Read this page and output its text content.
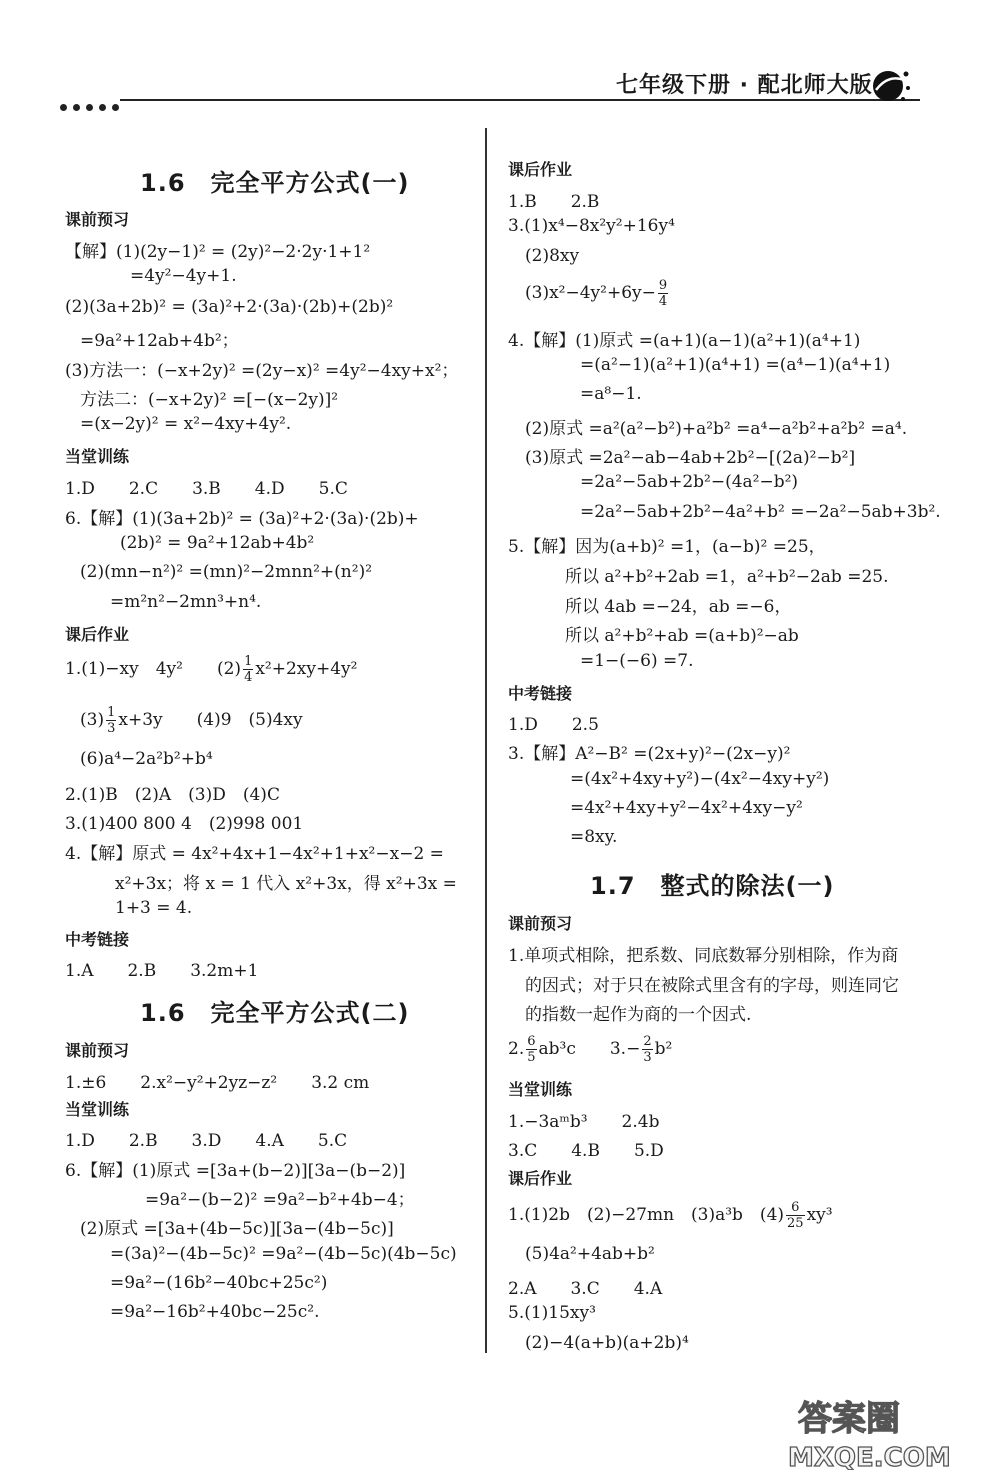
七年级下册 · 配北师大版
1.6　完全平方公式(一)
课前预习
【解】(1)(2y−1)² = (2y)²−2·2y·1+1²
=4y²−4y+1.
(2)(3a+2b)² = (3a)²+2·(3a)·(2b)+(2b)²
=9a²+12ab+4b²；
(3)方法一：(−x+2y)² =(2y−x)² =4y²−4xy+x²；
方法二：(−x+2y)² =[−(x−2y)]²
=(x−2y)² = x²−4xy+4y².
当堂训练
1.D　　2.C　　3.B　　4.D　　5.C
6.【解】(1)(3a+2b)² = (3a)²+2·(3a)·(2b)+
(2b)² = 9a²+12ab+4b²
(2)(mn−n²)² =(mn)²−2mnn²+(n²)²
=m²n²−2mn³+n⁴.
课后作业
1.(1)−xy　4y²　　$(2) \frac{1}{4} x^2+2xy+4y^2$
$(3) \frac{1}{3} x+3y$　　(4)9　(5)4xy
(6)a⁴−2a²b²+b⁴
2.(1)B　(2)A　(3)D　(4)C
3.(1)400 800 4　(2)998 001
4.【解】原式 = 4x²+4x+1−4x²+1+x²−x−2 =
x²+3x；将 x = 1 代入 x²+3x，得 x²+3x =
1+3 = 4.
中考链接
1.A　　2.B　　3.2m+1
1.6　完全平方公式(二)
课前预习
1.±6　　2.x²−y²+2yz−z²　　3.2 cm
当堂训练
1.D　　2.B　　3.D　　4.A　　5.C
6.【解】(1)原式 =[3a+(b−2)][3a−(b−2)]
=9a²−(b−2)² =9a²−b²+4b−4；
(2)原式 =[3a+(4b−5c)][3a−(4b−5c)]
=(3a)²−(4b−5c)² =9a²−(4b−5c)(4b−5c)
=9a²−(16b²−40bc+25c²)
=9a²−16b²+40bc−25c².
课后作业
1.B　　2.B
3.(1)x⁴−8x²y²+16y⁴
(2)8xy
$(3)x^2-4y^2+6y- \frac{9}{4}$
4.【解】(1)原式 =(a+1)(a−1)(a²+1)(a⁴+1)
=(a²−1)(a²+1)(a⁴+1) =(a⁴−1)(a⁴+1)
=a⁸−1.
(2)原式 =a²(a²−b²)+a²b² =a⁴−a²b²+a²b² =a⁴.
(3)原式 =2a²−ab−4ab+2b²−[(2a)²−b²]
=2a²−5ab+2b²−(4a²−b²)
=2a²−5ab+2b²−4a²+b² =−2a²−5ab+3b².
5.【解】因为(a+b)² =1，(a−b)² =25，
所以 a²+b²+2ab =1，a²+b²−2ab =25.
所以 4ab =−24，ab =−6，
所以 a²+b²+ab =(a+b)²−ab
=1−(−6) =7.
中考链接
1.D　　2.5
3.【解】A²−B² =(2x+y)²−(2x−y)²
=(4x²+4xy+y²)−(4x²−4xy+y²)
=4x²+4xy+y²−4x²+4xy−y²
=8xy.
1.7　整式的除法(一)
课前预习
1.单项式相除，把系数、同底数幂分别相除，作为商
的因式；对于只在被除式里含有的字母，则连同它
的指数一起作为商的一个因式.
2. $\frac{6}{5} ab^3c$　　$3.- \frac{2}{3} b^2$
当堂训练
1.−3aᵐb³　　2.4b
3.C　　4.B　　5.D
课后作业
1.(1)2b　(2)−27mn　(3)a³b　$(4) \frac{6}{25} xy^3$
(5)4a²+4ab+b²
2.A　　3.C　　4.A
5.(1)15xy³
(2)−4(a+b)(a+2b)⁴
答案圈
MXQE.COM
